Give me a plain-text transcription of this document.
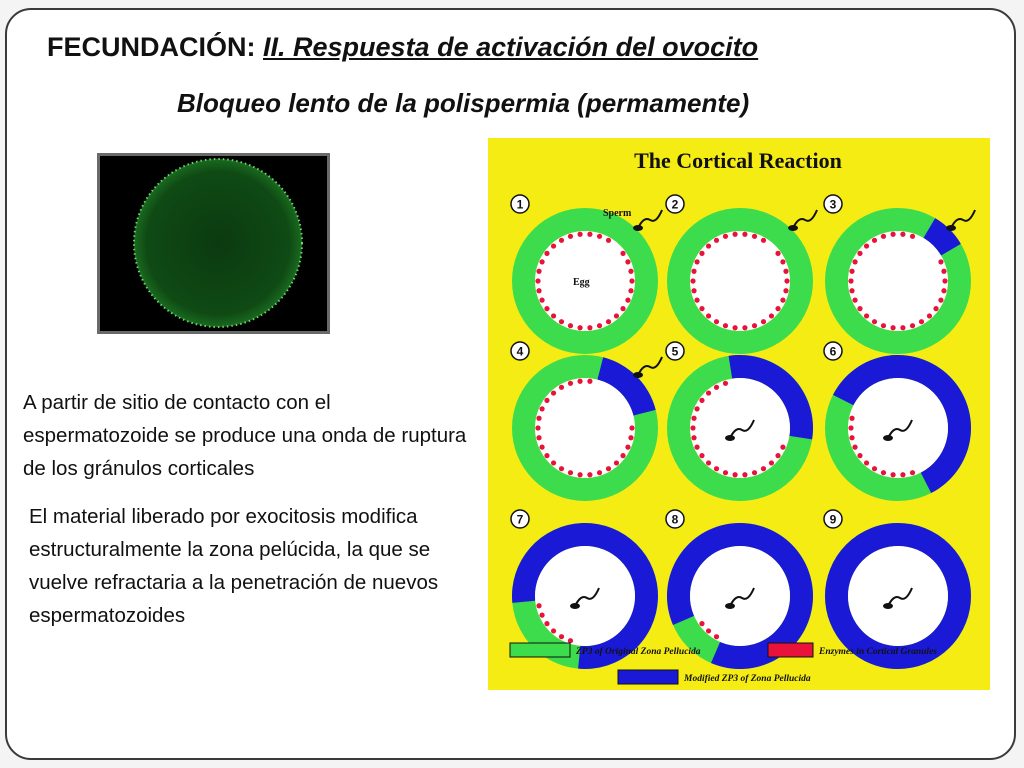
FECUNDACIÓN: II. Respuesta de activación del ovocito
Bloqueo lento de la polispermia (permamente)
A partir de sitio de contacto con el espermatozoide se produce una onda de ruptura de los gránulos corticales
El material liberado por exocitosis modifica estructuralmente la zona pelúcida, la que se vuelve refractaria a la penetración de nuevos espermatozoides
The Cortical Reaction
1
Sperm
Egg
2	3
4	5	6
7	8	9
ZP3 of Original Zona Pellucida	Enzymes in Cortical Granules
Modified ZP3 of Zona Pellucida
